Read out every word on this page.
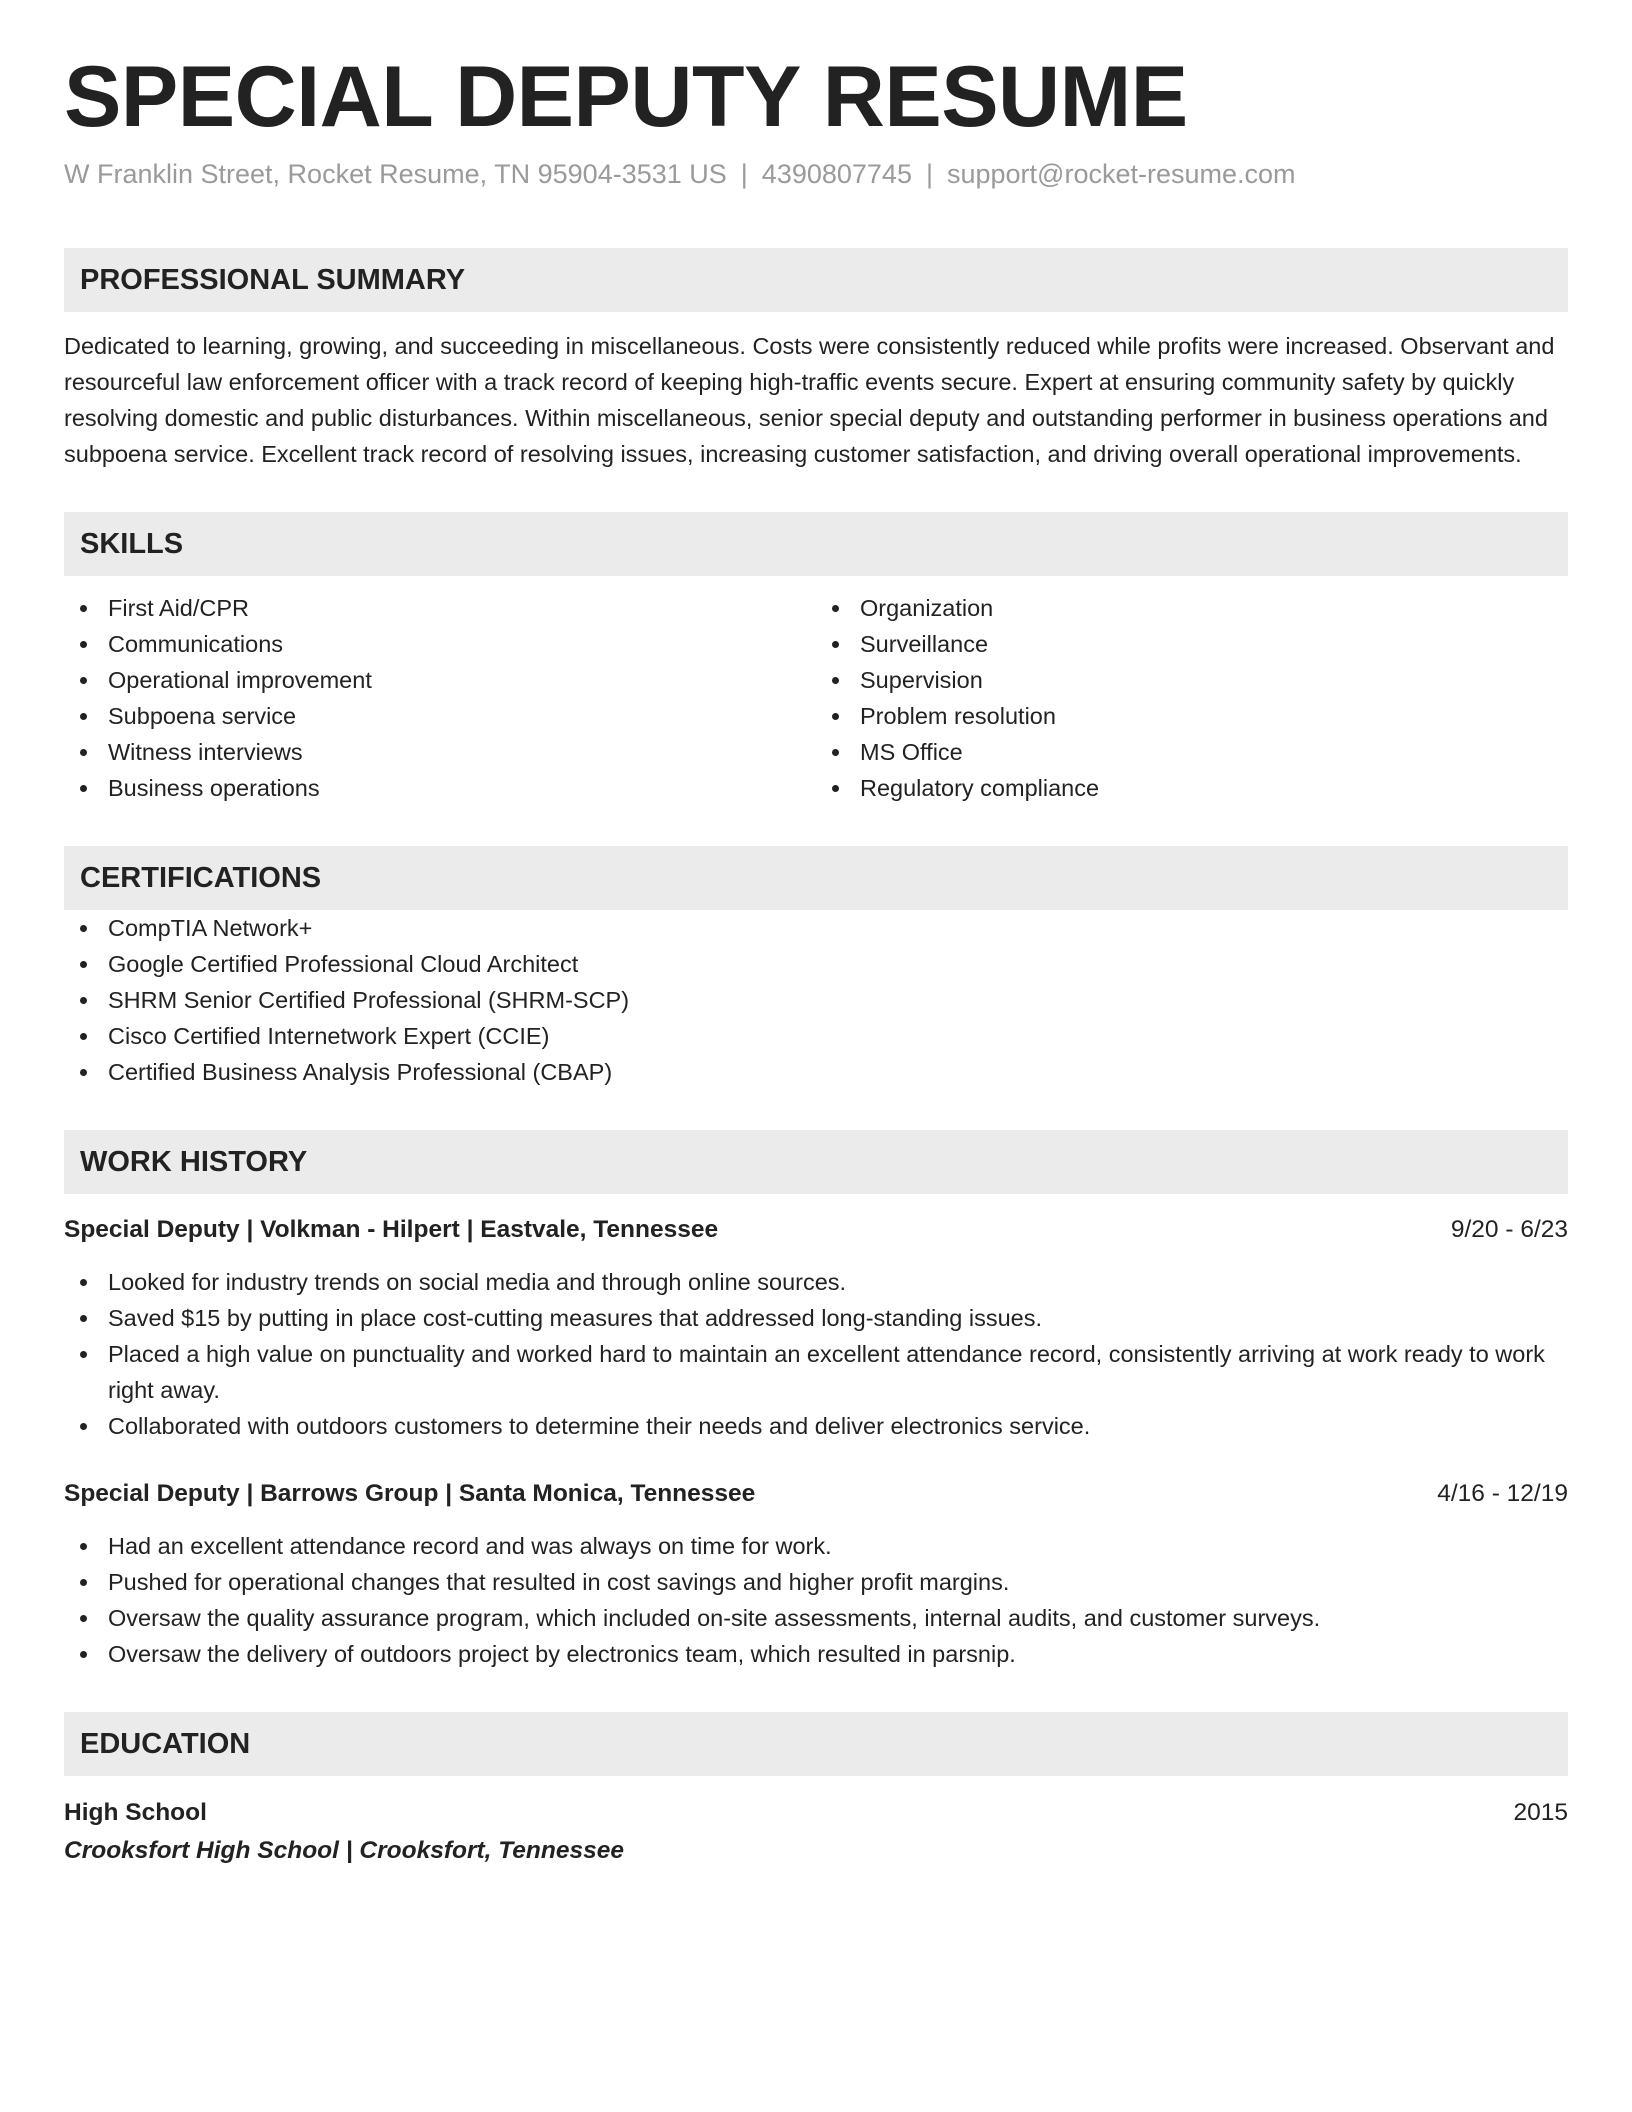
SPECIAL DEPUTY RESUME
W Franklin Street, Rocket Resume, TN 95904-3531 US | 4390807745 | support@rocket-resume.com
PROFESSIONAL SUMMARY
Dedicated to learning, growing, and succeeding in miscellaneous. Costs were consistently reduced while profits were increased. Observant and resourceful law enforcement officer with a track record of keeping high-traffic events secure. Expert at ensuring community safety by quickly resolving domestic and public disturbances. Within miscellaneous, senior special deputy and outstanding performer in business operations and subpoena service. Excellent track record of resolving issues, increasing customer satisfaction, and driving overall operational improvements.
SKILLS
First Aid/CPR
Communications
Operational improvement
Subpoena service
Witness interviews
Business operations
Organization
Surveillance
Supervision
Problem resolution
MS Office
Regulatory compliance
CERTIFICATIONS
CompTIA Network+
Google Certified Professional Cloud Architect
SHRM Senior Certified Professional (SHRM-SCP)
Cisco Certified Internetwork Expert (CCIE)
Certified Business Analysis Professional (CBAP)
WORK HISTORY
Special Deputy | Volkman - Hilpert | Eastvale, Tennessee	9/20 - 6/23
Looked for industry trends on social media and through online sources.
Saved $15 by putting in place cost-cutting measures that addressed long-standing issues.
Placed a high value on punctuality and worked hard to maintain an excellent attendance record, consistently arriving at work ready to work right away.
Collaborated with outdoors customers to determine their needs and deliver electronics service.
Special Deputy | Barrows Group | Santa Monica, Tennessee	4/16 - 12/19
Had an excellent attendance record and was always on time for work.
Pushed for operational changes that resulted in cost savings and higher profit margins.
Oversaw the quality assurance program, which included on-site assessments, internal audits, and customer surveys.
Oversaw the delivery of outdoors project by electronics team, which resulted in parsnip.
EDUCATION
High School	2015
Crooksfort High School | Crooksfort, Tennessee
